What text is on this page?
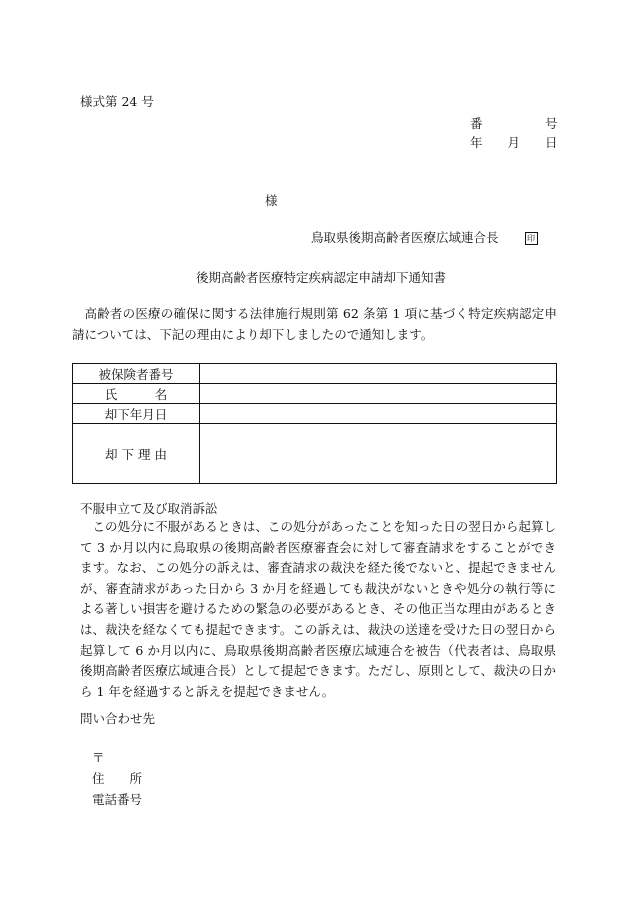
様式第 24 号
番　　　　　号
年　　月　　日
様
鳥取県後期高齢者医療広域連合長	印
後期高齢者医療特定疾病認定申請却下通知書

高齢者の医療の確保に関する法律施行規則第 62 条第 1 項に基づく特定疾病認定申請については、下記の理由により却下しましたので通知します。

被保険者番号	
氏　　　名	
却下年月日	
却 下 理 由	
不服申立て及び取消訴訟

この処分に不服があるときは、この処分があったことを知った日の翌日から起算して 3 か月以内に鳥取県の後期高齢者医療審査会に対して審査請求をすることができます。なお、この処分の訴えは、審査請求の裁決を経た後でないと、提起できませんが、審査請求があった日から 3 か月を経過しても裁決がないときや処分の執行等による著しい損害を避けるための緊急の必要があるとき、その他正当な理由があるときは、裁決を経なくても提起できます。この訴えは、裁決の送達を受けた日の翌日から起算して 6 か月以内に、鳥取県後期高齢者医療広域連合を被告（代表者は、鳥取県後期高齢者医療広域連合長）として提起できます。ただし、原則として、裁決の日から 1 年を経過すると訴えを提起できません。

問い合わせ先
〒
住　　所
電話番号
